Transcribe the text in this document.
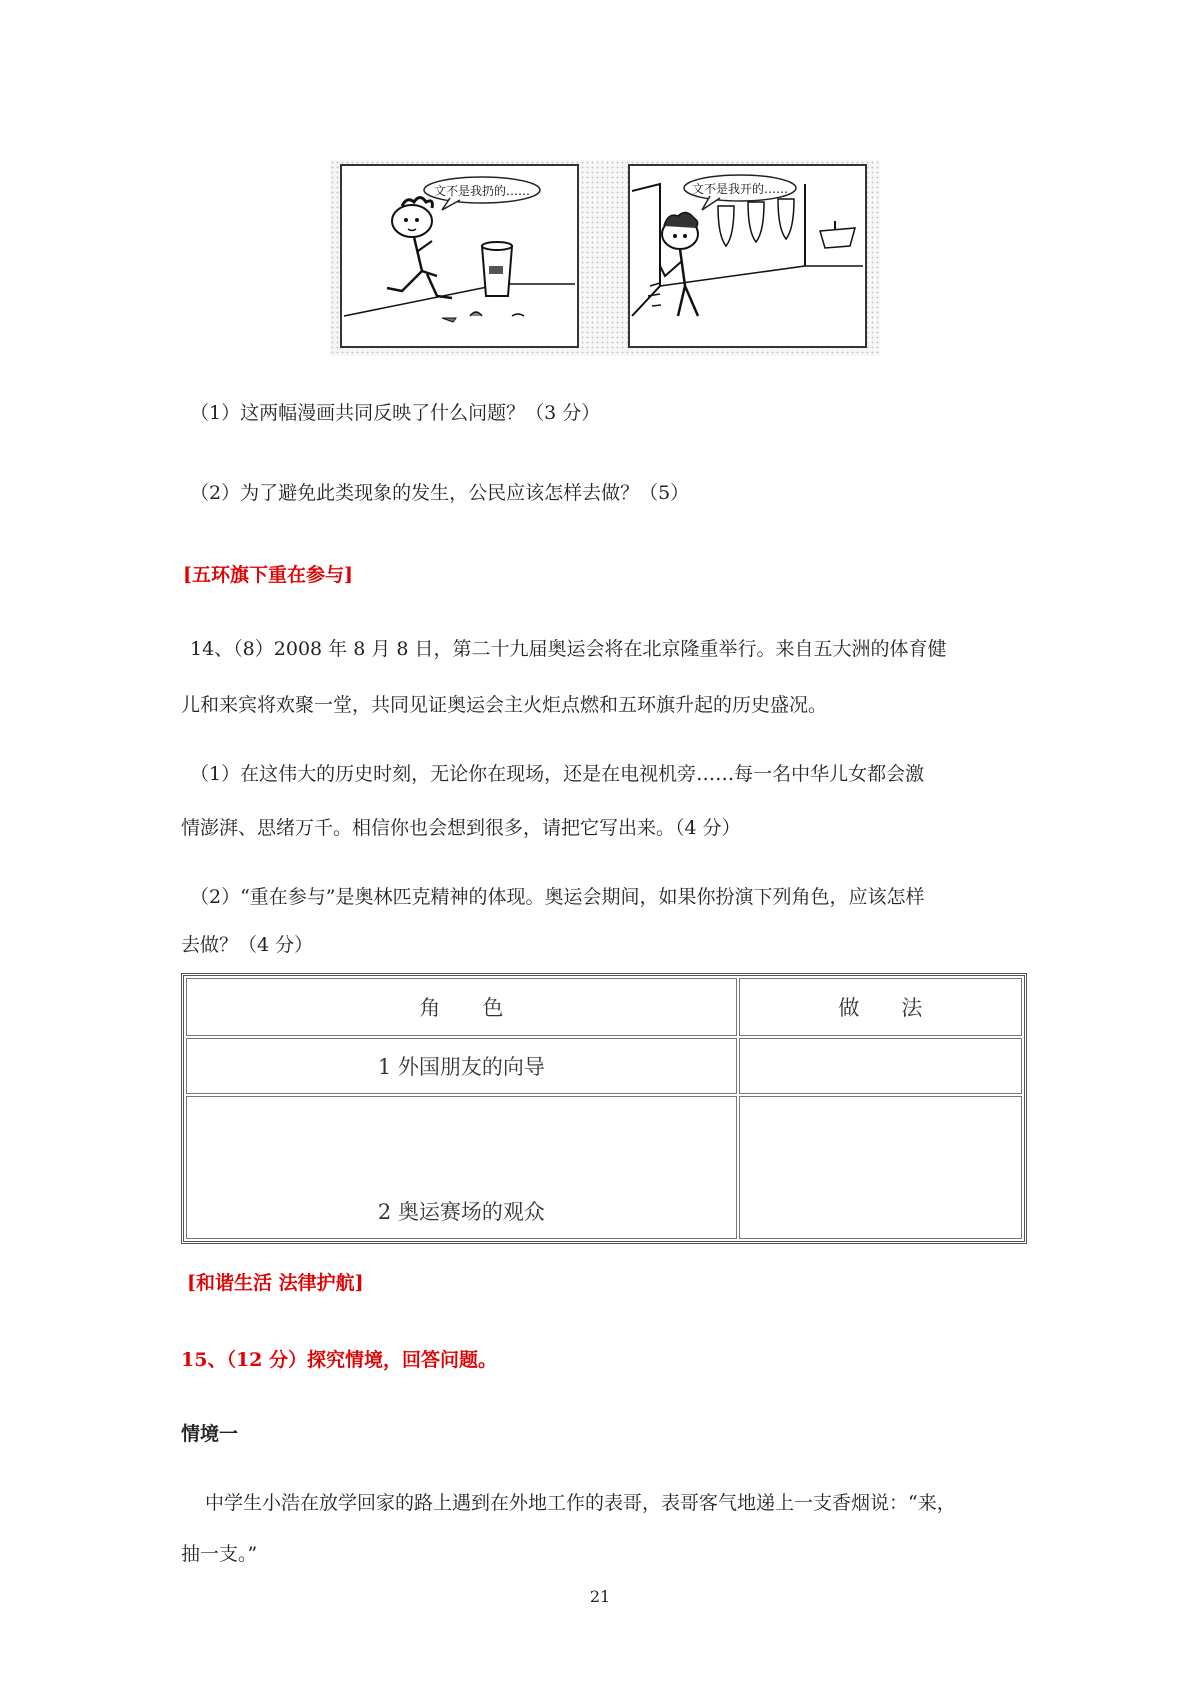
文不是我扔的……	文不是我开的……

（1）这两幅漫画共同反映了什么问题？（3 分）

（2）为了避免此类现象的发生，公民应该怎样去做？（5）

[五环旗下重在参与]

14、（8）2008 年 8 月 8 日，第二十九届奥运会将在北京隆重举行。来自五大洲的体育健

儿和来宾将欢聚一堂，共同见证奥运会主火炬点燃和五环旗升起的历史盛况。

（1）在这伟大的历史时刻，无论你在现场，还是在电视机旁……每一名中华儿女都会激

情澎湃、思绪万千。相信你也会想到很多，请把它写出来。（4 分）

（2）“重在参与”是奥林匹克精神的体现。奥运会期间，如果你扮演下列角色，应该怎样

去做？（4 分）

角　　色	做　　法
1 外国朋友的向导	
2 奥运赛场的观众	

[和谐生活 法律护航]

15、（12 分）探究情境，回答问题。

情境一

中学生小浩在放学回家的路上遇到在外地工作的表哥，表哥客气地递上一支香烟说：“来，

抽一支。”

21
